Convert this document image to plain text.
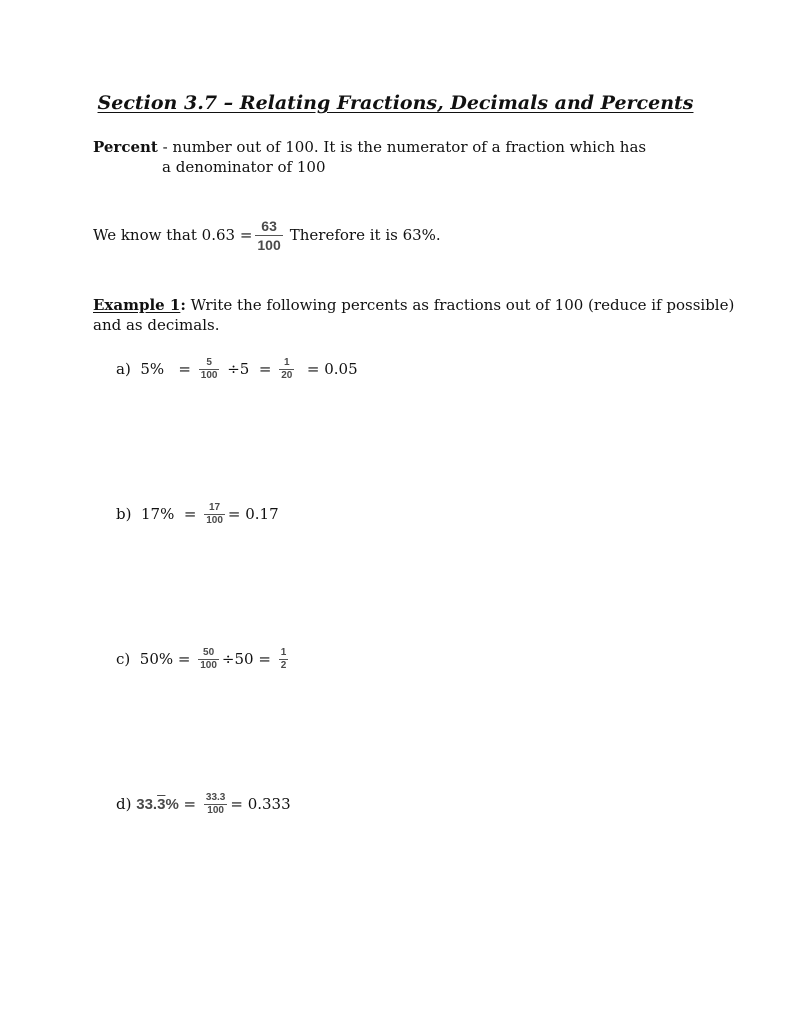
Section 3.7 – Relating Fractions, Decimals and Percents
Percent - number out of 100. It is the numerator of a fraction which has
a denominator of 100
We know that $0.63 = \frac{63}{100}$ Therefore it is 63%.
Example 1: Write the following percents as fractions out of 100 (reduce if possible)
and as decimals.
a)  $5\% = \frac{5}{100} \div 5 = \frac{1}{20} = 0.05$
b)  $17\% = \frac{17}{100} = 0.17$
c)  $50\% = \frac{50}{100} \div 50 = \frac{1}{2}$
d) $33.3\% = \frac{33.3}{100} = 0.333$
